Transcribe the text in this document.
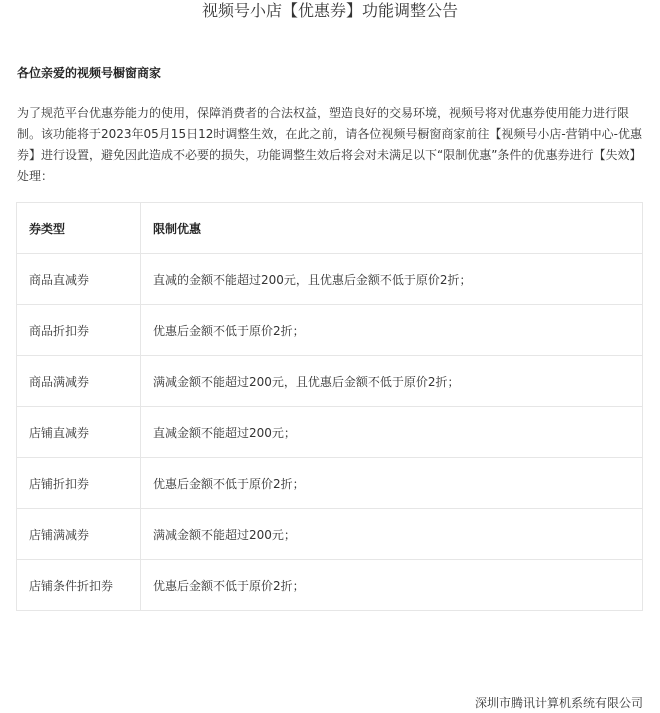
视频号小店【优惠券】功能调整公告
各位亲爱的视频号橱窗商家

为了规范平台优惠券能力的使用，保障消费者的合法权益，塑造良好的交易环境，视频号将对优惠券使用能力进行限制。该功能将于2023年05月15日12时调整生效，在此之前，请各位视频号橱窗商家前往【视频号小店-营销中心-优惠券】进行设置，避免因此造成不必要的损失，功能调整生效后将会对未满足以下“限制优惠”条件的优惠券进行【失效】处理：

券类型	限制优惠
商品直减券	直减的金额不能超过200元，且优惠后金额不低于原价2折；
商品折扣券	优惠后金额不低于原价2折；
商品满减券	满减金额不能超过200元，且优惠后金额不低于原价2折；
店铺直减券	直减金额不能超过200元；
店铺折扣券	优惠后金额不低于原价2折；
店铺满减券	满减金额不能超过200元；
店铺条件折扣券	优惠后金额不低于原价2折；
深圳市腾讯计算机系统有限公司
